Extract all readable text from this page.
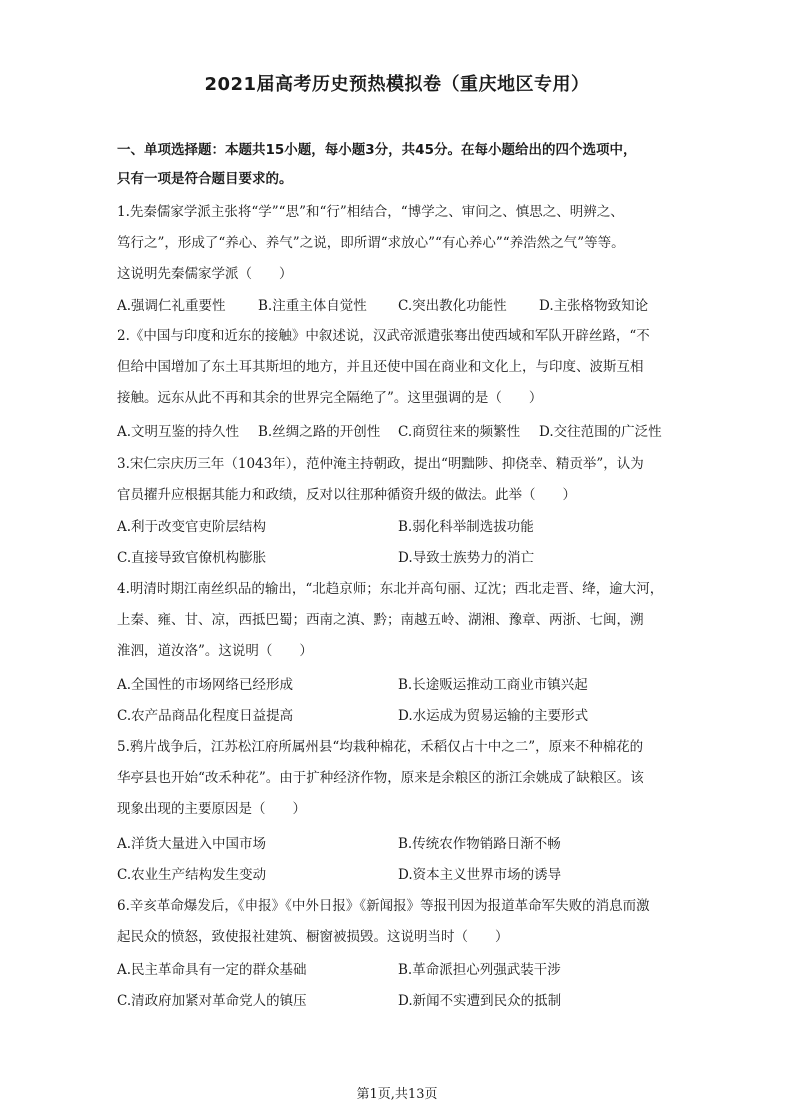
2021届高考历史预热模拟卷（重庆地区专用）
一、单项选择题：本题共15小题，每小题3分，共45分。在每小题给出的四个选项中，
只有一项是符合题目要求的。
1.先秦儒家学派主张将“学”“思”和“行”相结合，“博学之、审问之、慎思之、明辨之、
笃行之”，形成了“养心、养气”之说，即所谓“求放心”“有心养心”“养浩然之气”等等。
这说明先秦儒家学派（　　）
A.强调仁礼重要性 B.注重主体自觉性 C.突出教化功能性 D.主张格物致知论
2.《中国与印度和近东的接触》中叙述说，汉武帝派遣张骞出使西域和军队开辟丝路，“不
但给中国增加了东土耳其斯坦的地方，并且还使中国在商业和文化上，与印度、波斯互相
接触。远东从此不再和其余的世界完全隔绝了”。这里强调的是（　　）
A.文明互鉴的持久性 B.丝绸之路的开创性 C.商贸往来的频繁性 D.交往范围的广泛性
3.宋仁宗庆历三年（1043年），范仲淹主持朝政，提出“明黜陟、抑侥幸、精贡举”，认为
官员擢升应根据其能力和政绩，反对以往那种循资升级的做法。此举（　　）
A.利于改变官吏阶层结构	B.弱化科举制选拔功能
C.直接导致官僚机构膨胀	D.导致士族势力的消亡
4.明清时期江南丝织品的输出，“北趋京师；东北并高句丽、辽沈；西北走晋、绛，逾大河，
上秦、雍、甘、凉，西抵巴蜀；西南之滇、黔；南越五岭、湖湘、豫章、两浙、七闽，溯
淮泗，道汝洛”。这说明（　　）
A.全国性的市场网络已经形成	B.长途贩运推动工商业市镇兴起
C.农产品商品化程度日益提高	D.水运成为贸易运输的主要形式
5.鸦片战争后，江苏松江府所属州县“均栽种棉花，禾稻仅占十中之二”，原来不种棉花的
华亭县也开始“改禾种花”。由于扩种经济作物，原来是余粮区的浙江余姚成了缺粮区。该
现象出现的主要原因是（　　）
A.洋货大量进入中国市场	B.传统农作物销路日渐不畅
C.农业生产结构发生变动	D.资本主义世界市场的诱导
6.辛亥革命爆发后，《申报》《中外日报》《新闻报》等报刊因为报道革命军失败的消息而激
起民众的愤怒，致使报社建筑、橱窗被损毁。这说明当时（　　）
A.民主革命具有一定的群众基础	B.革命派担心列强武装干涉
C.清政府加紧对革命党人的镇压	D.新闻不实遭到民众的抵制
第1页,共13页
